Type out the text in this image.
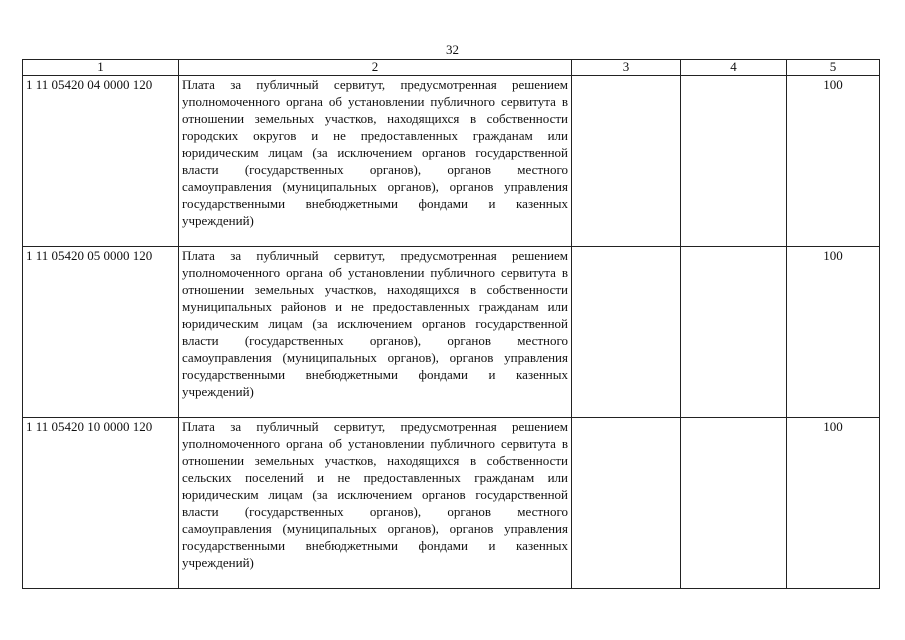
32
1	2	3	4	5
1 11 05420 04 0000 120	Плата за публичный сервитут, предусмотренная решением уполномоченного органа об установлении публичного сервитута в отношении земельных участков, находящихся в собственности городских округов и не предоставленных гражданам или юридическим лицам (за исключением органов государственной власти (государственных органов), органов местного самоуправления (муниципальных органов), органов управления государственными внебюджетными фондами и казенных учреждений)			100
1 11 05420 05 0000 120	Плата за публичный сервитут, предусмотренная решением уполномоченного органа об установлении публичного сервитута в отношении земельных участков, находящихся в собственности муниципальных районов и не предоставленных гражданам или юридическим лицам (за исключением органов государственной власти (государственных органов), органов местного самоуправления (муниципальных органов), органов управления государственными внебюджетными фондами и казенных учреждений)			100
1 11 05420 10 0000 120	Плата за публичный сервитут, предусмотренная решением уполномоченного органа об установлении публичного сервитута в отношении земельных участков, находящихся в собственности сельских поселений и не предоставленных гражданам или юридическим лицам (за исключением органов государственной власти (государственных органов), органов местного самоуправления (муниципальных органов), органов управления государственными внебюджетными фондами и казенных учреждений)			100
